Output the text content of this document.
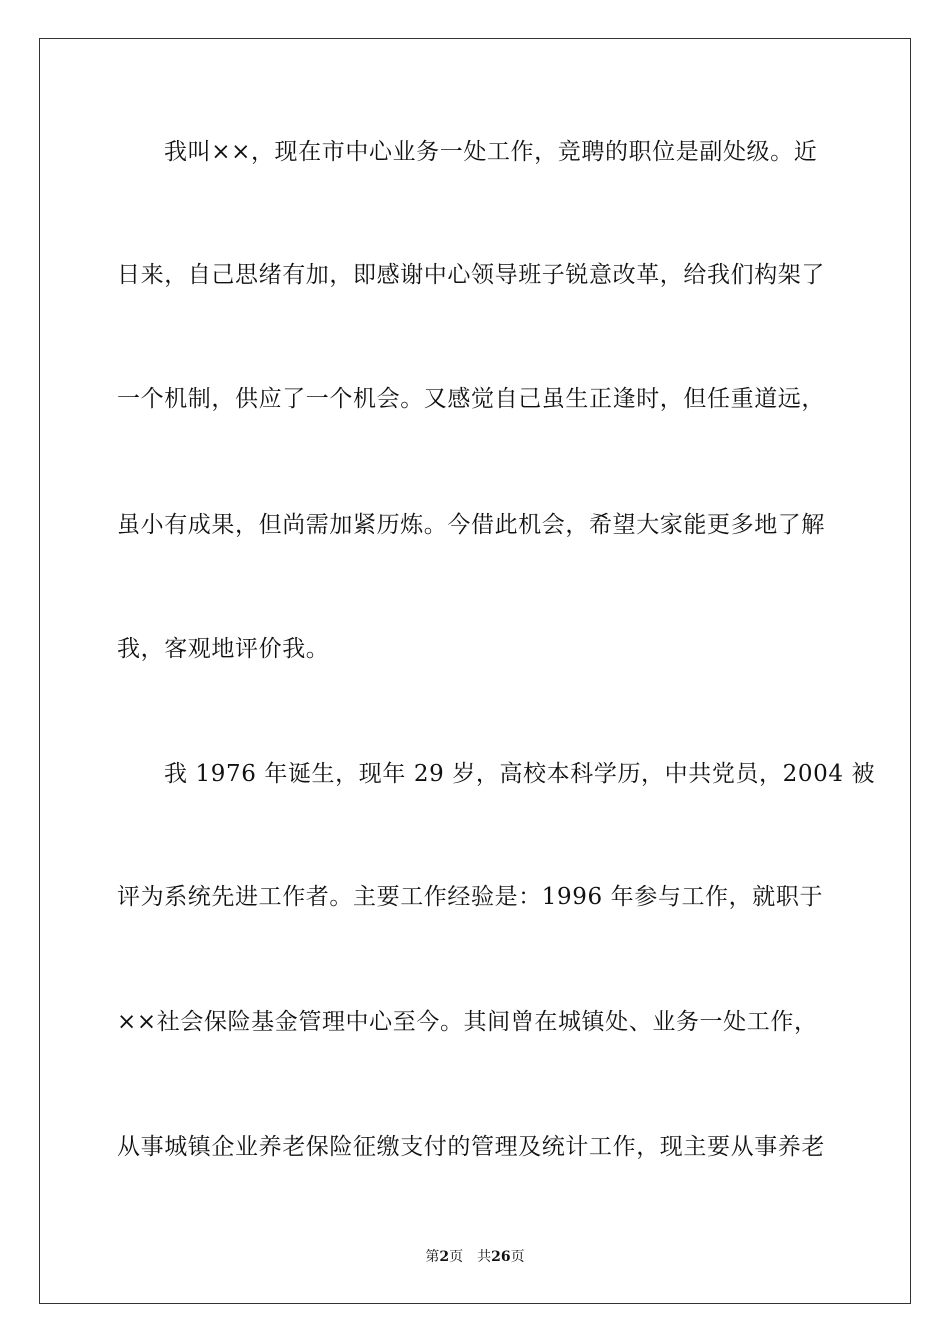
我叫××，现在市中心业务一处工作，竞聘的职位是副处级。近
日来，自己思绪有加，即感谢中心领导班子锐意改革，给我们构架了
一个机制，供应了一个机会。又感觉自己虽生正逢时，但任重道远，
虽小有成果，但尚需加紧历炼。今借此机会，希望大家能更多地了解
我，客观地评价我。
我 1976 年诞生，现年 29 岁，高校本科学历，中共党员，2004 被
评为系统先进工作者。主要工作经验是：1996 年参与工作，就职于
××社会保险基金管理中心至今。其间曾在城镇处、业务一处工作，
从事城镇企业养老保险征缴支付的管理及统计工作，现主要从事养老
第2页 共26页
